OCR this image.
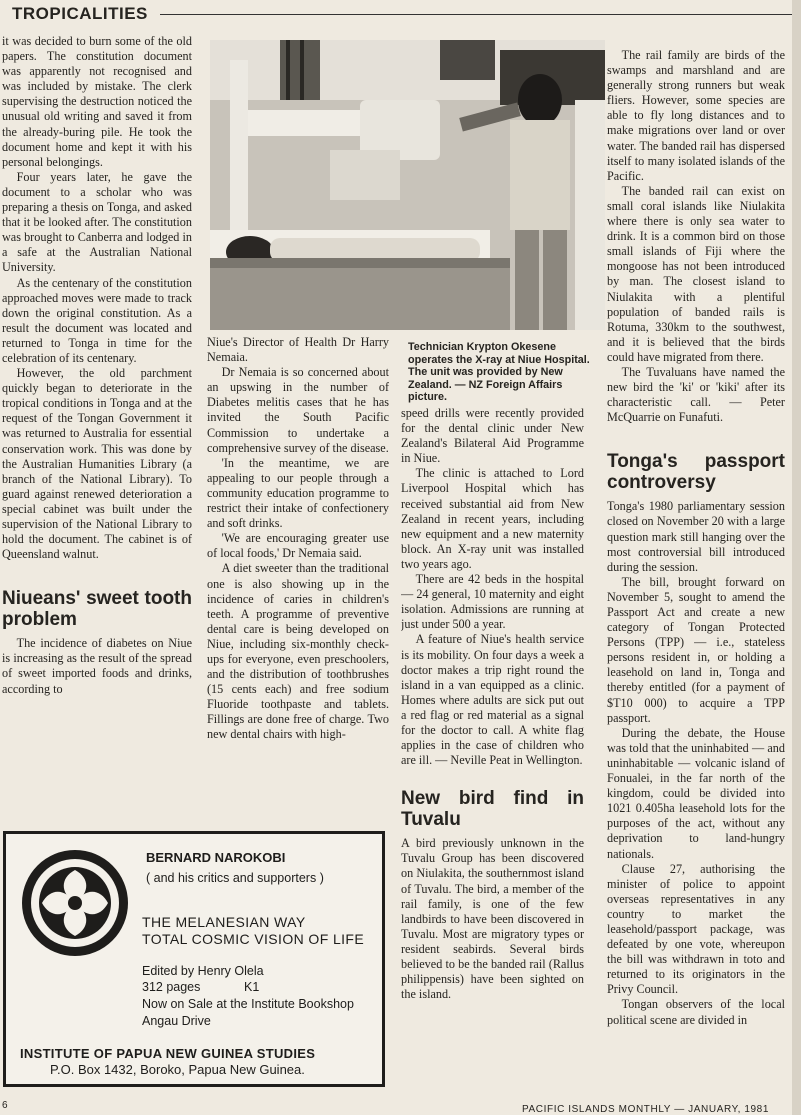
TROPICALITIES

it was decided to burn some of the old papers. The constitution document was apparently not recognised and was included by mistake. The clerk supervising the destruction noticed the unusual old writing and saved it from the already-buring pile. He took the document home and kept it with his personal belongings.

Four years later, he gave the document to a scholar who was preparing a thesis on Tonga, and asked that it be looked after. The constitution was brought to Canberra and lodged in a safe at the Australian National University.

As the centenary of the constitution approached moves were made to track down the original constitution. As a result the document was located and returned to Tonga in time for the celebration of its centenary.

However, the old parchment quickly began to deteriorate in the tropical conditions in Tonga and at the request of the Tongan Government it was returned to Australia for essential conservation work. This was done by the Australian Humanities Library (a branch of the National Library). To guard against renewed deterioration a special cabinet was built under the supervision of the National Library to hold the document. The cabinet is of Queensland walnut.

Niueans' sweet tooth problem

The incidence of diabetes on Niue is increasing as the result of the spread of sweet imported foods and drinks, according to

Niue's Director of Health Dr Harry Nemaia.

Dr Nemaia is so concerned about an upswing in the number of Diabetes melitis cases that he has invited the South Pacific Commission to undertake a comprehensive survey of the disease.

'In the meantime, we are appealing to our people through a community education programme to restrict their intake of confectionery and soft drinks.

'We are encouraging greater use of local foods,' Dr Nemaia said.

A diet sweeter than the traditional one is also showing up in the incidence of caries in children's teeth. A programme of preventive dental care is being developed on Niue, including six-monthly check-ups for everyone, even preschoolers, and the distribution of toothbrushes (15 cents each) and free sodium Fluoride toothpaste and tablets. Fillings are done free of charge. Two new dental chairs with high-

Technician Krypton Okesene operates the X-ray at Niue Hospital. The unit was provided by New Zealand. — NZ Foreign Affairs picture.

speed drills were recently provided for the dental clinic under New Zealand's Bilateral Aid Programme in Niue.

The clinic is attached to Lord Liverpool Hospital which has received substantial aid from New Zealand in recent years, including new equipment and a new maternity block. An X-ray unit was installed two years ago.

There are 42 beds in the hospital — 24 general, 10 maternity and eight isolation. Admissions are running at just under 500 a year.

A feature of Niue's health service is its mobility. On four days a week a doctor makes a trip right round the island in a van equipped as a clinic. Homes where adults are sick put out a red flag or red material as a signal for the doctor to call. A white flag applies in the case of children who are ill. — Neville Peat in Wellington.

New bird find in Tuvalu

A bird previously unknown in the Tuvalu Group has been discovered on Niulakita, the southernmost island of Tuvalu. The bird, a member of the rail family, is one of the few landbirds to have been discovered in Tuvalu. Most are migratory types or resident seabirds. Several birds believed to be the banded rail (Rallus philippensis) have been sighted on the island.

The rail family are birds of the swamps and marshland and are generally strong runners but weak fliers. However, some species are able to fly long distances and to make migrations over land or over water. The banded rail has dispersed itself to many isolated islands of the Pacific.

The banded rail can exist on small coral islands like Niulakita where there is only sea water to drink. It is a common bird on those small islands of Fiji where the mongoose has not been introduced by man. The closest island to Niulakita with a plentiful population of banded rails is Rotuma, 330km to the southwest, and it is believed that the birds could have migrated from there.

The Tuvaluans have named the new bird the 'ki' or 'kiki' after its characteristic call. — Peter McQuarrie on Funafuti.

Tonga's passport controversy

Tonga's 1980 parliamentary session closed on November 20 with a large question mark still hanging over the most controversial bill introduced during the session.

The bill, brought forward on November 5, sought to amend the Passport Act and create a new category of Tongan Protected Persons (TPP) — i.e., stateless persons resident in, or holding a leasehold on land in, Tonga and thereby entitled (for a payment of $T10 000) to acquire a TPP passport.

During the debate, the House was told that the uninhabited — and uninhabitable — volcanic island of Fonualei, in the far north of the kingdom, could be divided into 1021 0.405ha leasehold lots for the purposes of the act, without any deprivation to land-hungry nationals.

Clause 27, authorising the minister of police to appoint overseas representatives in any country to market the leasehold/passport package, was defeated by one vote, whereupon the bill was withdrawn in toto and returned to its originators in the Privy Council.

Tongan observers of the local political scene are divided in

BERNARD NAROKOBI
( and his critics and supporters )
THE MELANESIAN WAY
TOTAL COSMIC VISION OF LIFE
Edited by Henry Olela
312 pages	K1
Now on Sale at the Institute Bookshop
Angau Drive
INSTITUTE OF PAPUA NEW GUINEA STUDIES
P.O. Box 1432, Boroko, Papua New Guinea.
6	PACIFIC ISLANDS MONTHLY — JANUARY, 1981
